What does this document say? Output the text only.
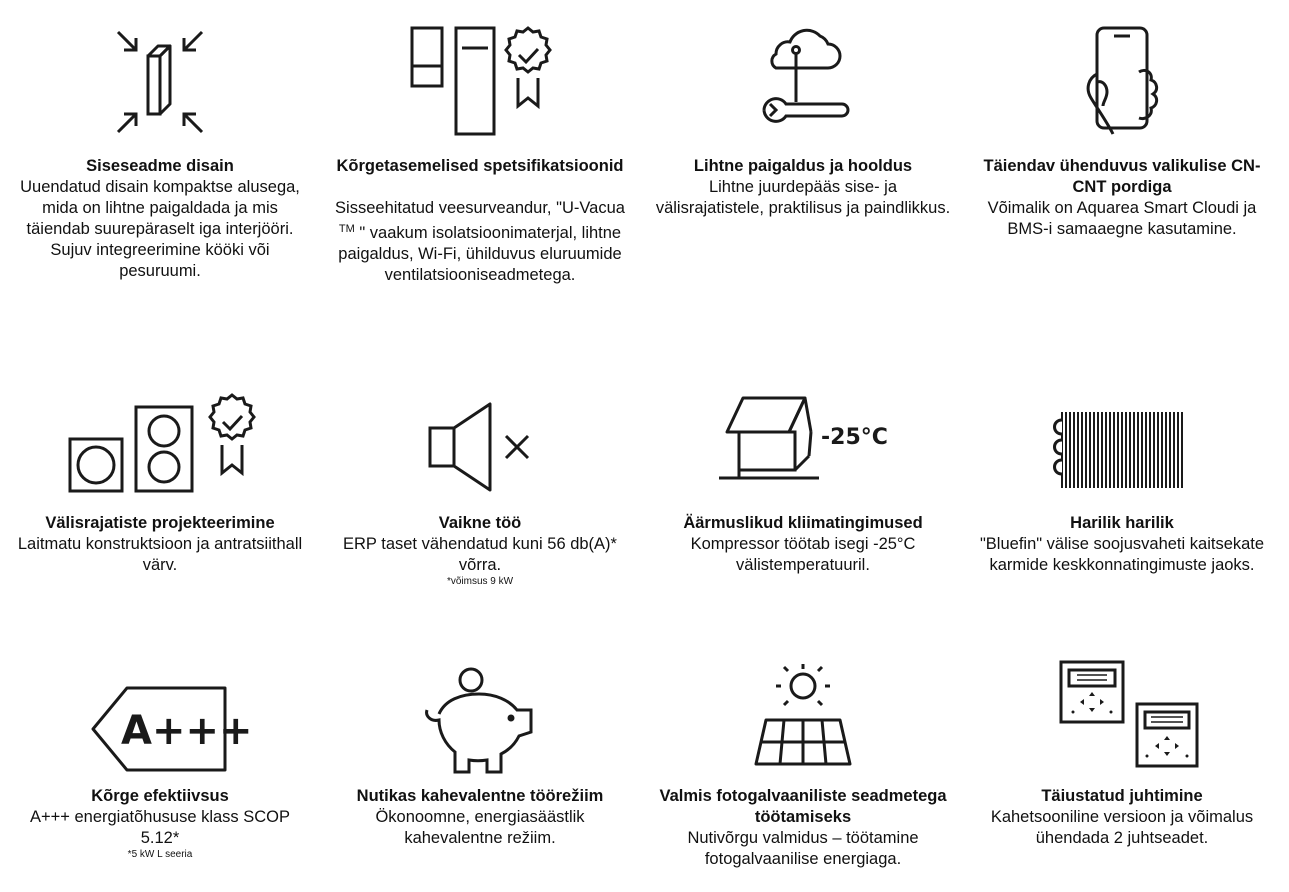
Siseseadme disain
Uuendatud disain kompaktse alusega, mida on lihtne paigaldada ja mis täiendab suurepäraselt iga interjööri. Sujuv integreerimine kööki või pesuruumi.
Kõrgetasemelised spetsifikatsioonid
Sisseehitatud veesurveandur, "U-Vacua ™ " vaakum isolatsioonimaterjal, lihtne paigaldus, Wi-Fi, ühilduvus eluruumide ventilatsiooniseadmetega.
Lihtne paigaldus ja hooldus
Lihtne juurdepääs sise- ja välisrajatistele, praktilisus ja paindlikkus.
Täiendav ühenduvus valikulise CN-CNT pordiga
Võimalik on Aquarea Smart Cloudi ja BMS-i samaaegne kasutamine.
Välisrajatiste projekteerimine
Laitmatu konstruktsioon ja antratsiithall värv.
Vaikne töö
ERP taset vähendatud kuni 56 db(A)* võrra.
*võimsus 9 kW
-25°C
Äärmuslikud kliimatingimused
Kompressor töötab isegi -25°C välistemperatuuril.
Harilik harilik
"Bluefin" välise soojusvaheti kaitsekate karmide keskkonnatingimuste jaoks.
A+++
Kõrge efektiivsus
A+++ energiatõhususe klass SCOP 5.12*
*5 kW L seeria
Nutikas kahevalentne töörežiim
Ökonoomne, energiasäästlik kahevalentne režiim.
Valmis fotogalvaaniliste seadmetega töötamiseks
Nutivõrgu valmidus – töötamine fotogalvaanilise energiaga.
Täiustatud juhtimine
Kahetsooniline versioon ja võimalus ühendada 2 juhtseadet.
